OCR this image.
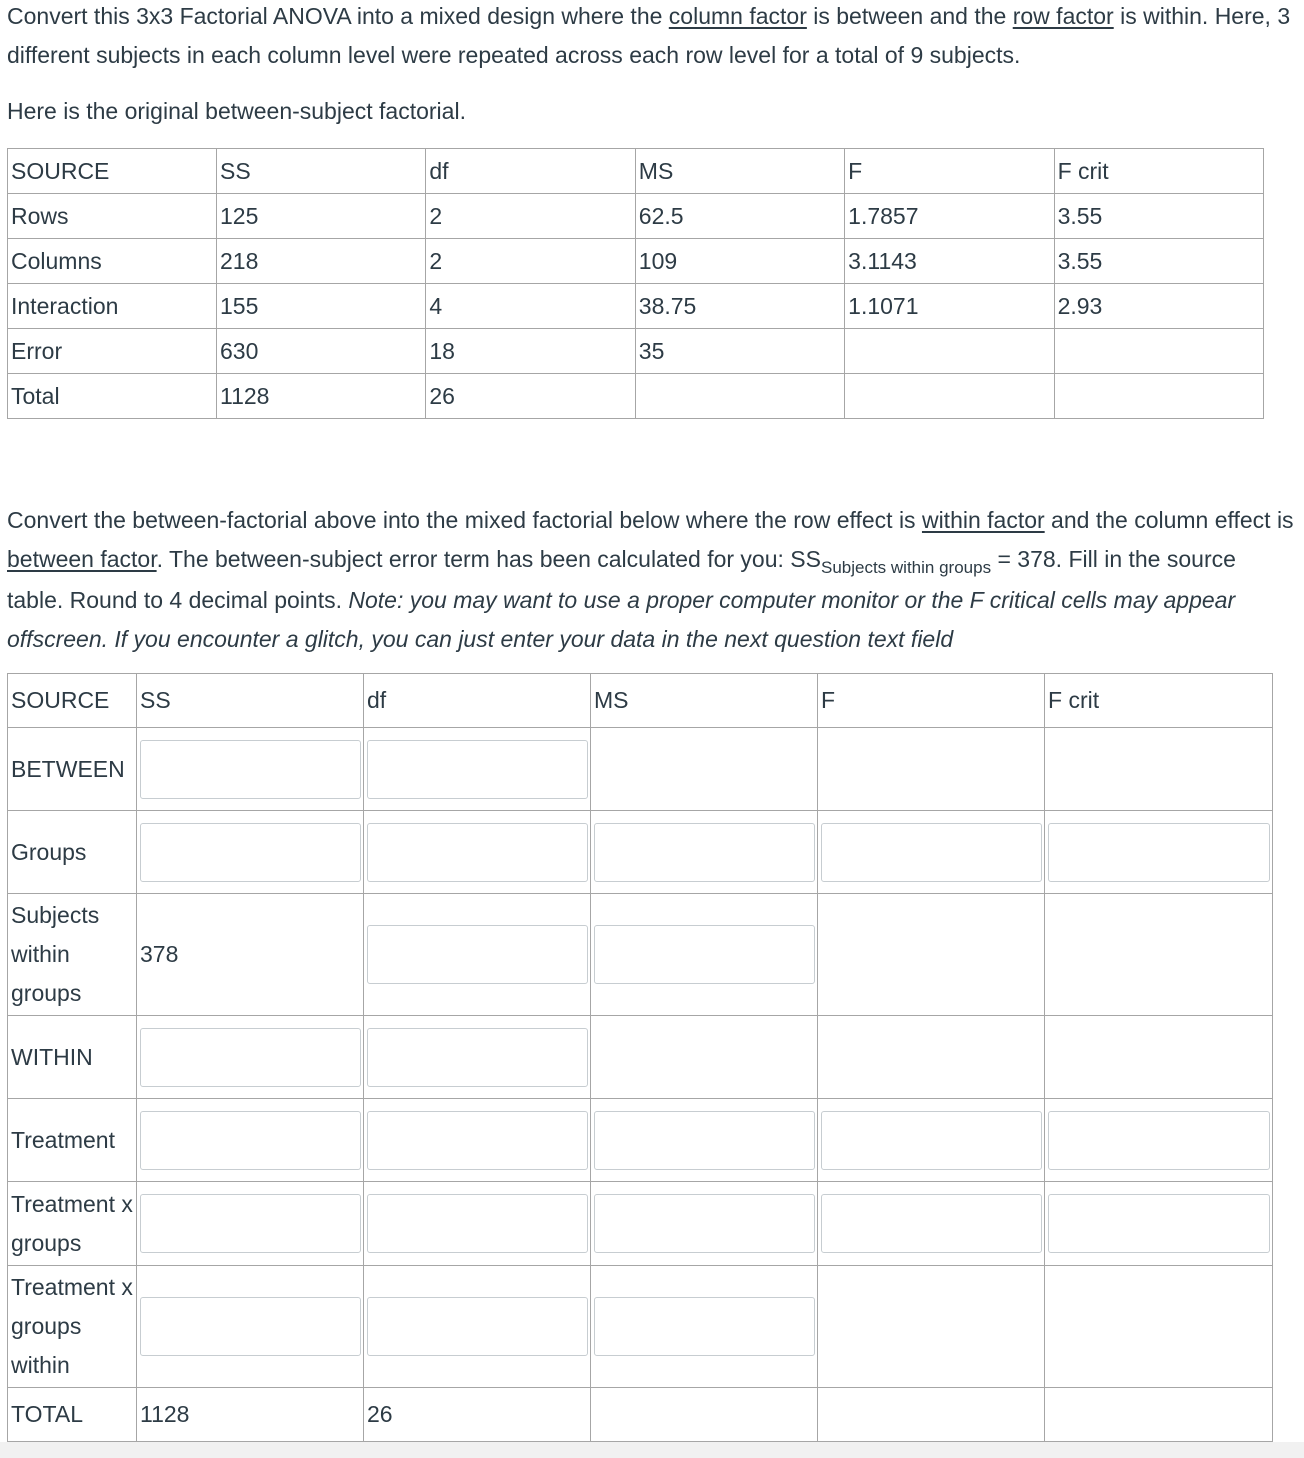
Convert this 3x3 Factorial ANOVA into a mixed design where the column factor is between and the row factor is within. Here, 3 different subjects in each column level were repeated across each row level for a total of 9 subjects.

Here is the original between-subject factorial.

SOURCE	SS	df	MS	F	F crit
Rows	125	2	62.5	1.7857	3.55
Columns	218	2	109	3.1143	3.55
Interaction	155	4	38.75	1.1071	2.93
Error	630	18	35		
Total	1128	26			

Convert the between-factorial above into the mixed factorial below where the row effect is within factor and the column effect is between factor. The between-subject error term has been calculated for you: $SS_{Subjects within groups} = 378$. Fill in the source table. Round to 4 decimal points. Note: you may want to use a proper computer monitor or the F critical cells may appear offscreen. If you encounter a glitch, you can just enter your data in the next question text field

SOURCE	SS	df	MS	F	F crit
BETWEEN	

Groups	

Subjects within groups	378	

WITHIN	

Treatment	

Treatment x groups	

Treatment x groups within	

TOTAL	1128	26			
